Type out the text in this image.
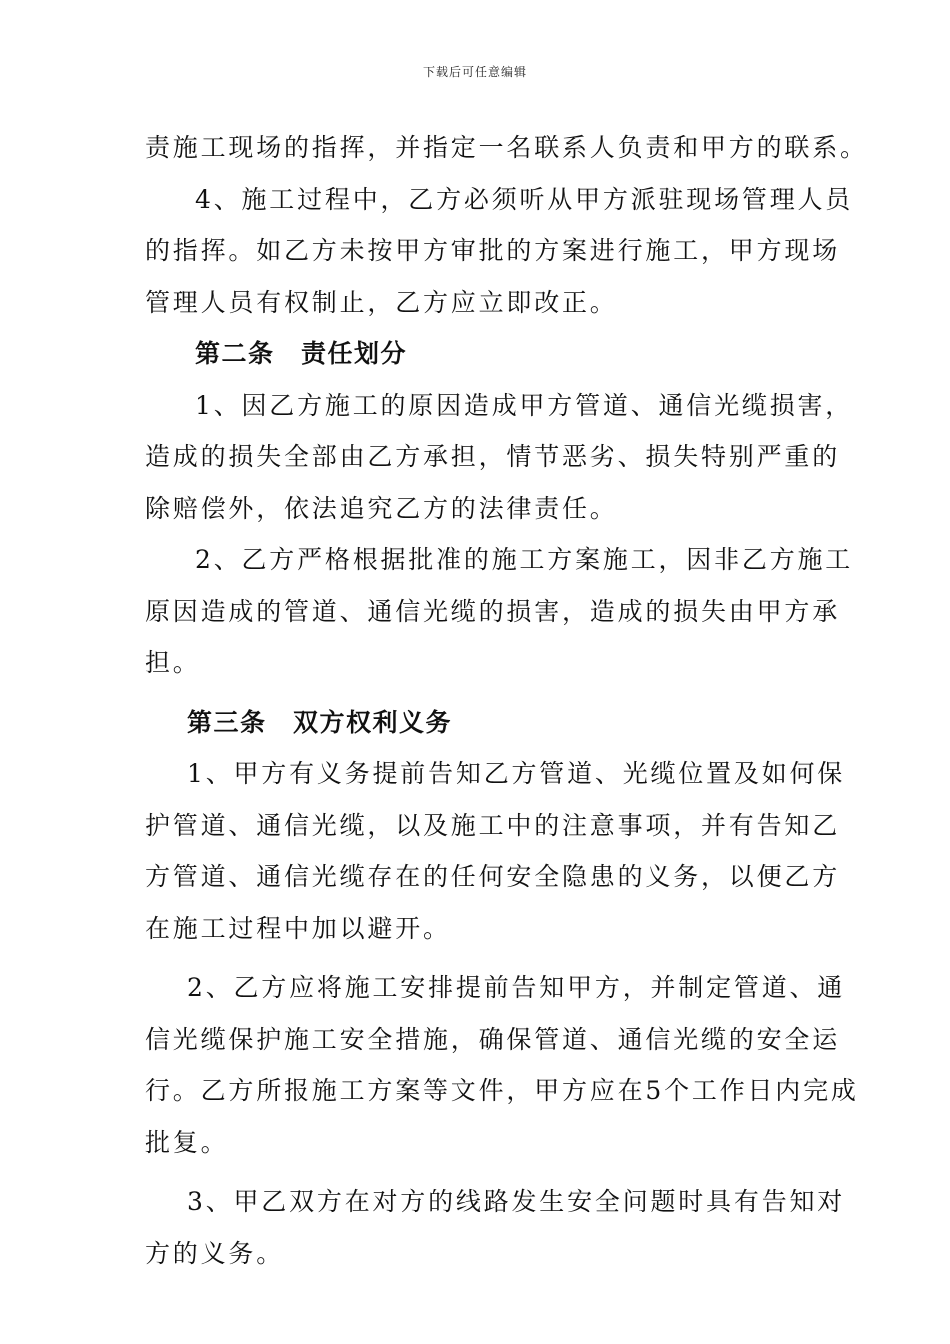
下载后可任意编辑
责施工现场的指挥，并指定一名联系人负责和甲方的联系。
4、施工过程中，乙方必须听从甲方派驻现场管理人员
的指挥。如乙方未按甲方审批的方案进行施工，甲方现场
管理人员有权制止，乙方应立即改正。
第二条　责任划分
1、因乙方施工的原因造成甲方管道、通信光缆损害，
造成的损失全部由乙方承担，情节恶劣、损失特别严重的
除赔偿外，依法追究乙方的法律责任。
2、乙方严格根据批准的施工方案施工，因非乙方施工
原因造成的管道、通信光缆的损害，造成的损失由甲方承
担。
第三条　双方权利义务
1、甲方有义务提前告知乙方管道、光缆位置及如何保
护管道、通信光缆，以及施工中的注意事项，并有告知乙
方管道、通信光缆存在的任何安全隐患的义务，以便乙方
在施工过程中加以避开。
2、乙方应将施工安排提前告知甲方，并制定管道、通
信光缆保护施工安全措施，确保管道、通信光缆的安全运
行。乙方所报施工方案等文件，甲方应在5个工作日内完成
批复。
3、甲乙双方在对方的线路发生安全问题时具有告知对
方的义务。
